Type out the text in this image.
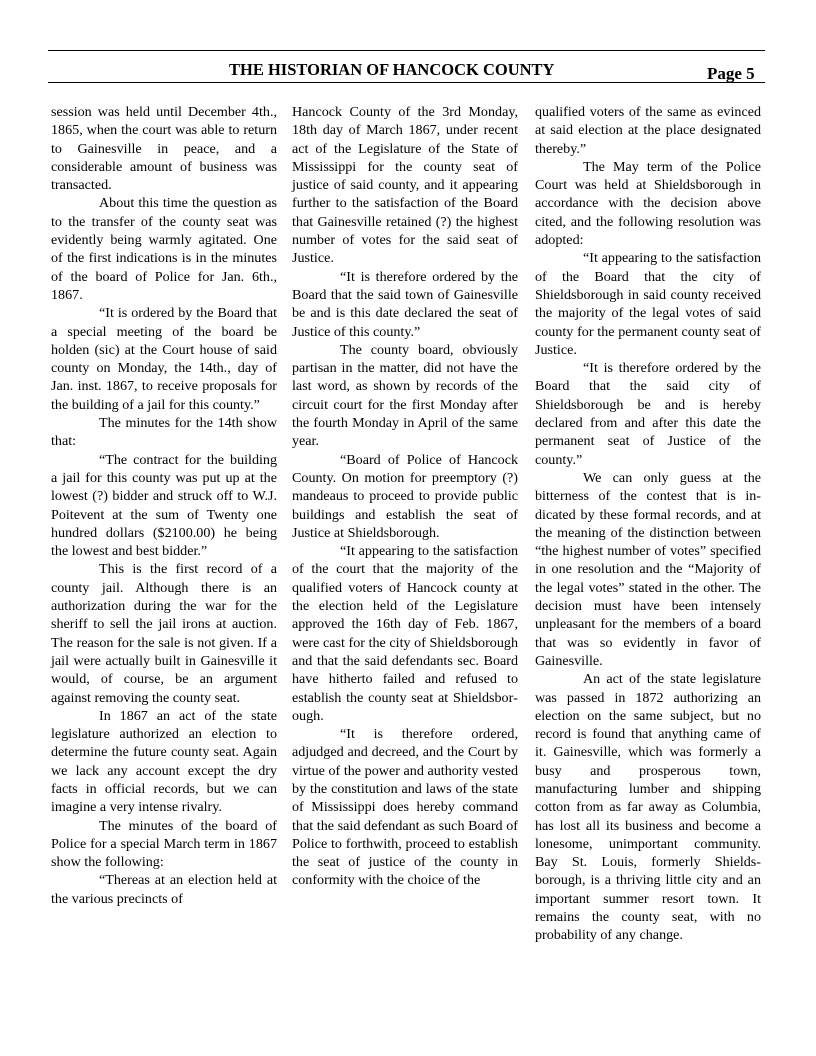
THE HISTORIAN OF HANCOCK COUNTY	Page 5

session was held until December 4th., 1865, when the court was able to return to Gainesville in peace, and a considerable amount of business was transacted.

About this time the question as to the transfer of the county seat was evidently being warmly agitated. One of the first indications is in the minutes of the board of Police for Jan. 6th., 1867.

“It is ordered by the Board that a special meeting of the board be holden (sic) at the Court house of said county on Monday, the 14th., day of Jan. inst. 1867, to receive proposals for the building of a jail for this county.”

The minutes for the 14th show that:

“The contract for the building a jail for this county was put up at the lowest (?) bidder and struck off to W.J. Poitevent at the sum of Twenty one hundred dollars ($2100.00) he being the lowest and best bidder.”

This is the first record of a county jail. Although there is an authorization during the war for the sheriff to sell the jail irons at auction. The reason for the sale is not given. If a jail were actually built in Gainesville it would, of course, be an argument against removing the county seat.

In 1867 an act of the state legislature authorized an election to determine the future county seat. Again we lack any account except the dry facts in official records, but we can imagine a very intense rivalry.

The minutes of the board of Police for a special March term in 1867 show the following:

“Thereas at an election held at the various precincts of

Hancock County of the 3rd Monday, 18th day of March 1867, under recent act of the Legislature of the State of Mississippi for the county seat of justice of said county, and it appearing further to the satisfaction of the Board that Gainesville retained (?) the highest number of votes for the said seat of Justice.

“It is therefore ordered by the Board that the said town of Gainesville be and is this date declared the seat of Justice of this county.”

The county board, obviously partisan in the matter, did not have the last word, as shown by records of the circuit court for the first Monday after the fourth Monday in April of the same year.

“Board of Police of Hancock County. On motion for preemptory (?) mandeaus to proceed to provide public buildings and establish the seat of Justice at Shieldsborough.

“It appearing to the satisfaction of the court that the majority of the qualified voters of Hancock county at the election held of the Legislature approved the 16th day of Feb. 1867, were cast for the city of Shieldsborough and that the said defendants sec. Board have hitherto failed and refused to establish the county seat at Shieldsborough.

“It is therefore ordered, adjudged and decreed, and the Court by virtue of the power and authority vested by the constitution and laws of the state of Mississippi does hereby command that the said defendant as such Board of Police to forthwith, proceed to establish the seat of justice of the county in conformity with the choice of the

qualified voters of the same as evinced at said election at the place designated thereby.”

The May term of the Police Court was held at Shieldsborough in accordance with the decision above cited, and the following resolution was adopted:

“It appearing to the satisfaction of the Board that the city of Shieldsborough in said county received the majority of the legal votes of said county for the permanent county seat of Justice.

“It is therefore ordered by the Board that the said city of Shieldsborough be and is hereby declared from and after this date the permanent seat of Justice of the county.”

We can only guess at the bitterness of the contest that is indicated by these formal records, and at the meaning of the distinction between “the highest number of votes” specified in one resolution and the “Majority of the legal votes” stated in the other. The decision must have been intensely unpleasant for the members of a board that was so evidently in favor of Gainesville.

An act of the state legislature was passed in 1872 authorizing an election on the same subject, but no record is found that anything came of it. Gainesville, which was formerly a busy and prosperous town, manufacturing lumber and shipping cotton from as far away as Columbia, has lost all its business and become a lonesome, unimportant community. Bay St. Louis, formerly Shieldsborough, is a thriving little city and an important summer resort town. It remains the county seat, with no probability of any change.
